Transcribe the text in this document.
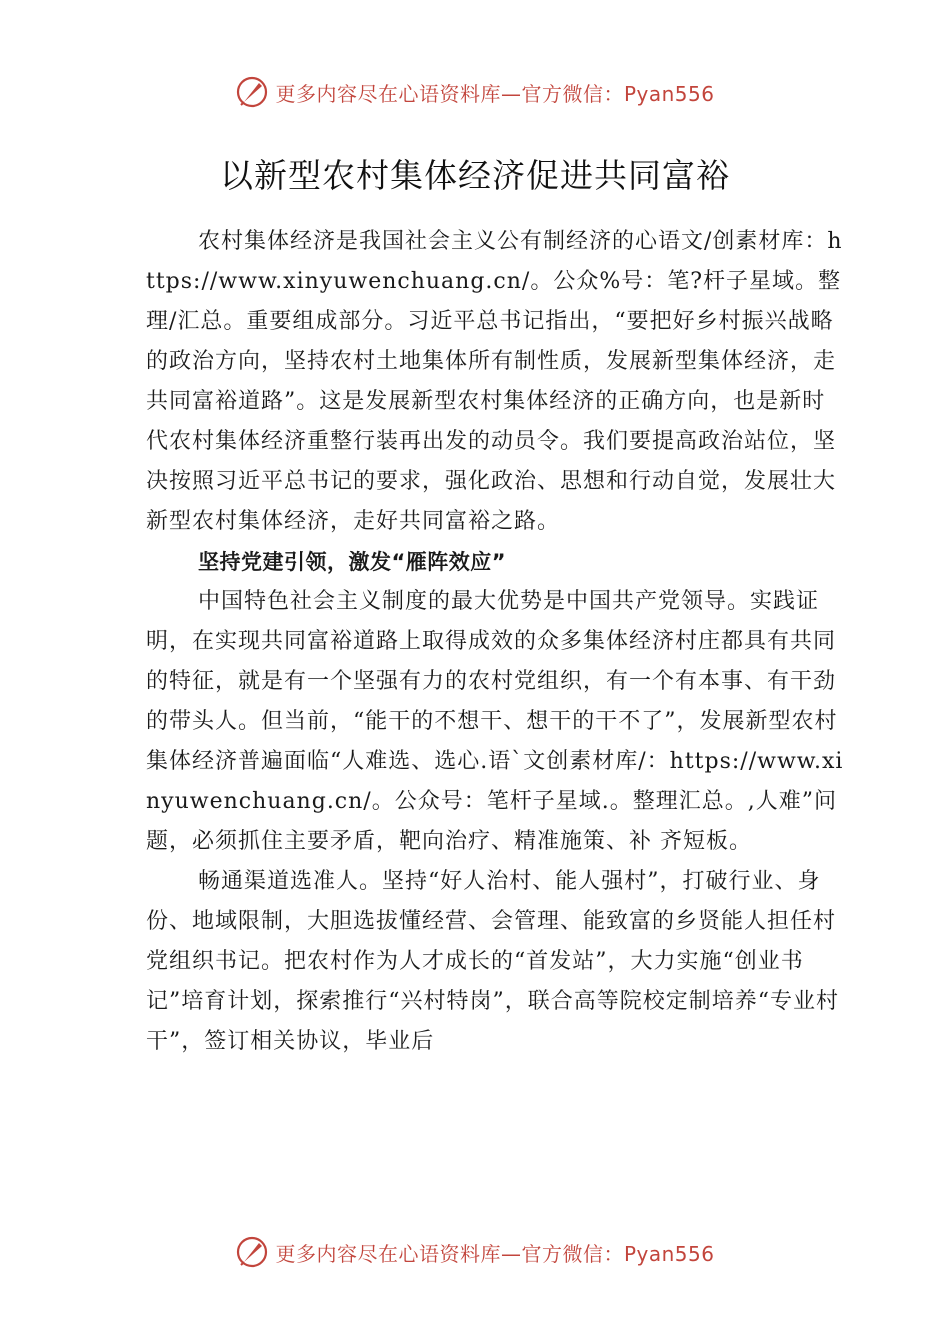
更多内容尽在心语资料库—官方微信：Pyan556
以新型农村集体经济促进共同富裕

农村集体经济是我国社会主义公有制经济的心语文/创素材库：https://www.xinyuwenchuang.cn/。公众%号：笔?杆子星域。整理/汇总。重要组成部分。习近平总书记指出，“要把好乡村振兴战略的政治方向，坚持农村土地集体所有制性质，发展新型集体经济，走共同富裕道路”。这是发展新型农村集体经济的正确方向，也是新时代农村集体经济重整行装再出发的动员令。我们要提高政治站位，坚决按照习近平总书记的要求，强化政治、思想和行动自觉，发展壮大新型农村集体经济，走好共同富裕之路。

坚持党建引领，激发“雁阵效应”

中国特色社会主义制度的最大优势是中国共产党领导。实践证明，在实现共同富裕道路上取得成效的众多集体经济村庄都具有共同的特征，就是有一个坚强有力的农村党组织，有一个有本事、有干劲的带头人。但当前，“能干的不想干、想干的干不了”，发展新型农村集体经济普遍面临“人难选、选心.语`文创素材库/：https://www.xinyuwenchuang.cn/。公众号：笔杆子星域.。整理汇总。,人难”问题，必须抓住主要矛盾，靶向治疗、精准施策、补 齐短板。

畅通渠道选准人。坚持“好人治村、能人强村”，打破行业、身份、地域限制，大胆选拔懂经营、会管理、能致富的乡贤能人担任村党组织书记。把农村作为人才成长的“首发站”，大力实施“创业书记”培育计划，探索推行“兴村特岗”，联合高等院校定制培养“专业村干”，签订相关协议，毕业后

更多内容尽在心语资料库—官方微信：Pyan556
